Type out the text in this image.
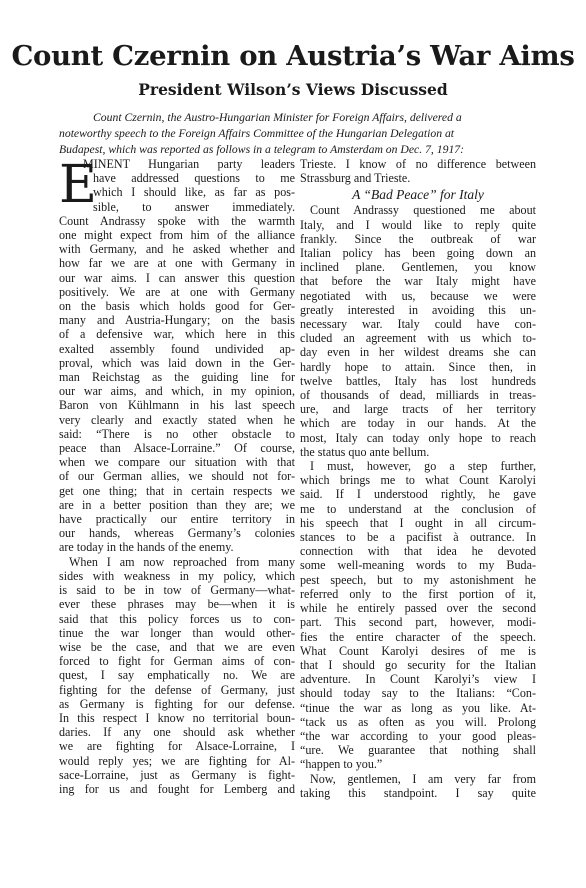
Count Czernin on Austria’s War Aims
President Wilson’s Views Discussed

Count Czernin, the Austro-Hungarian Minister for Foreign Affairs, delivered a
noteworthy speech to the Foreign Affairs Committee of the Hungarian Delegation at
Budapest, which was reported as follows in a telegram to Amsterdam on Dec. 7, 1917:

E
MINENT Hungarian party leaders
have addressed questions to me
which I should like, as far as pos-
sible, to answer immediately.
Count Andrassy spoke with the warmth
one might expect from him of the alliance
with Germany, and he asked whether and
how far we are at one with Germany in
our war aims. I can answer this question
positively. We are at one with Germany
on the basis which holds good for Ger-
many and Austria-Hungary; on the basis
of a defensive war, which here in this
exalted assembly found undivided ap-
proval, which was laid down in the Ger-
man Reichstag as the guiding line for
our war aims, and which, in my opinion,
Baron von Kühlmann in his last speech
very clearly and exactly stated when he
said: “There is no other obstacle to
peace than Alsace-Lorraine.” Of course,
when we compare our situation with that
of our German allies, we should not for-
get one thing; that in certain respects we
are in a better position than they are; we
have practically our entire territory in
our hands, whereas Germany’s colonies
are today in the hands of the enemy.
When I am now reproached from many
sides with weakness in my policy, which
is said to be in tow of Germany—what-
ever these phrases may be—when it is
said that this policy forces us to con-
tinue the war longer than would other-
wise be the case, and that we are even
forced to fight for German aims of con-
quest, I say emphatically no. We are
fighting for the defense of Germany, just
as Germany is fighting for our defense.
In this respect I know no territorial boun-
daries. If any one should ask whether
we are fighting for Alsace-Lorraine, I
would reply yes; we are fighting for Al-
sace-Lorraine, just as Germany is fight-
ing for us and fought for Lemberg and
Trieste. I know of no difference between
Strassburg and Trieste.
A “Bad Peace” for Italy
Count Andrassy questioned me about
Italy, and I would like to reply quite
frankly. Since the outbreak of war
Italian policy has been going down an
inclined plane. Gentlemen, you know
that before the war Italy might have
negotiated with us, because we were
greatly interested in avoiding this un-
necessary war. Italy could have con-
cluded an agreement with us which to-
day even in her wildest dreams she can
hardly hope to attain. Since then, in
twelve battles, Italy has lost hundreds
of thousands of dead, milliards in treas-
ure, and large tracts of her territory
which are today in our hands. At the
most, Italy can today only hope to reach
the status quo ante bellum.
I must, however, go a step further,
which brings me to what Count Karolyi
said. If I understood rightly, he gave
me to understand at the conclusion of
his speech that I ought in all circum-
stances to be a pacifist à outrance. In
connection with that idea he devoted
some well-meaning words to my Buda-
pest speech, but to my astonishment he
referred only to the first portion of it,
while he entirely passed over the second
part. This second part, however, modi-
fies the entire character of the speech.
What Count Karolyi desires of me is
that I should go security for the Italian
adventure. In Count Karolyi’s view I
should today say to the Italians: “Con-
“tinue the war as long as you like. At-
“tack us as often as you will. Prolong
“the war according to your good pleas-
“ure. We guarantee that nothing shall
“happen to you.”
Now, gentlemen, I am very far from
taking this standpoint. I say quite
